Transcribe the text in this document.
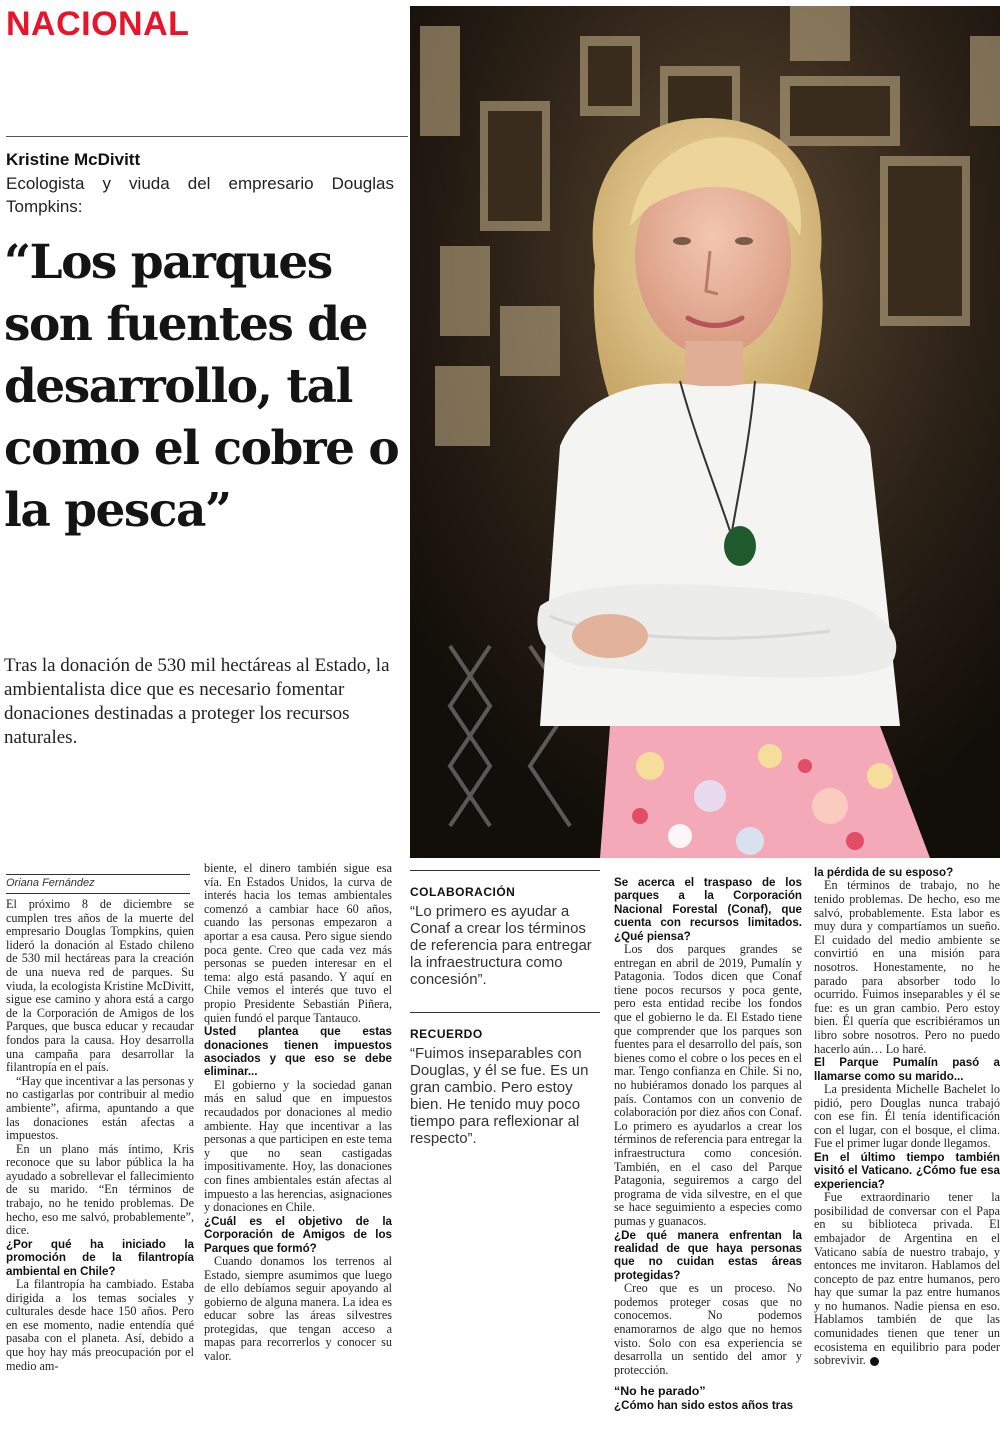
NACIONAL
Kristine McDivitt
Ecologista y viuda del empresario Douglas Tompkins:
“Los parques son fuentes de desarrollo, tal como el cobre o la pesca”
Tras la donación de 530 mil hectáreas al Estado, la ambientalista dice que es necesario fomentar donaciones destinadas a proteger los recursos naturales.
Oriana Fernández

El próximo 8 de diciembre se cumplen tres años de la muerte del empresario Douglas Tompkins, quien lideró la donación al Estado chileno de 530 mil hectáreas para la creación de una nueva red de parques. Su viuda, la ecologista Kristine McDivitt, sigue ese camino y ahora está a cargo de la Corporación de Amigos de los Parques, que busca educar y recaudar fondos para la causa. Hoy desarrolla una campaña para desarrollar la filantropía en el país.

“Hay que incentivar a las personas y no castigarlas por contribuir al medio ambiente”, afirma, apuntando a que las donaciones están afectas a impuestos.

En un plano más íntimo, Kris reconoce que su labor pública la ha ayudado a sobrellevar el fallecimiento de su marido. “En términos de trabajo, no he tenido problemas. De hecho, eso me salvó, probablemente”, dice.

¿Por qué ha iniciado la promoción de la filantropía ambiental en Chile?

La filantropía ha cambiado. Estaba dirigida a los temas sociales y culturales desde hace 150 años. Pero en ese momento, nadie entendía qué pasaba con el planeta. Así, debido a que hoy hay más preocupación por el medio am-

biente, el dinero también sigue esa vía. En Estados Unidos, la curva de interés hacia los temas ambientales comenzó a cambiar hace 60 años, cuando las personas empezaron a aportar a esa causa. Pero sigue siendo poca gente. Creo que cada vez más personas se pueden interesar en el tema: algo está pasando. Y aquí en Chile vemos el interés que tuvo el propio Presidente Sebastián Piñera, quien fundó el parque Tantauco.

Usted plantea que estas donaciones tienen impuestos asociados y que eso se debe eliminar...

El gobierno y la sociedad ganan más en salud que en impuestos recaudados por donaciones al medio ambiente. Hay que incentivar a las personas a que participen en este tema y que no sean castigadas impositivamente. Hoy, las donaciones con fines ambientales están afectas al impuesto a las herencias, asignaciones y donaciones en Chile.

¿Cuál es el objetivo de la Corporación de Amigos de los Parques que formó?

Cuando donamos los terrenos al Estado, siempre asumimos que luego de ello debíamos seguir apoyando al gobierno de alguna manera. La idea es educar sobre las áreas silvestres protegidas, que tengan acceso a mapas para recorrerlos y conocer su valor.

COLABORACIÓN
“Lo primero es ayudar a Conaf a crear los términos de referencia para entregar la infraestructura como concesión”.
RECUERDO
“Fuimos inseparables con Douglas, y él se fue. Es un gran cambio. Pero estoy bien. He tenido muy poco tiempo para reflexionar al respecto”.

Se acerca el traspaso de los parques a la Corporación Nacional Forestal (Conaf), que cuenta con recursos limitados. ¿Qué piensa?

Los dos parques grandes se entregan en abril de 2019, Pumalín y Patagonia. Todos dicen que Conaf tiene pocos recursos y poca gente, pero esta entidad recibe los fondos que el gobierno le da. El Estado tiene que comprender que los parques son fuentes para el desarrollo del país, son bienes como el cobre o los peces en el mar. Tengo confianza en Chile. Si no, no hubiéramos donado los parques al país. Contamos con un convenio de colaboración por diez años con Conaf. Lo primero es ayudarlos a crear los términos de referencia para entregar la infraestructura como concesión. También, en el caso del Parque Patagonia, seguiremos a cargo del programa de vida silvestre, en el que se hace seguimiento a especies como pumas y guanacos.

¿De qué manera enfrentan la realidad de que haya personas que no cuidan estas áreas protegidas?

Creo que es un proceso. No podemos proteger cosas que no conocemos. No podemos enamorarnos de algo que no hemos visto. Solo con esa experiencia se desarrolla un sentido del amor y protección.

“No he parado”

¿Cómo han sido estos años tras

la pérdida de su esposo?

En términos de trabajo, no he tenido problemas. De hecho, eso me salvó, probablemente. Esta labor es muy dura y compartíamos un sueño. El cuidado del medio ambiente se convirtió en una misión para nosotros. Honestamente, no he parado para absorber todo lo ocurrido. Fuimos inseparables y él se fue: es un gran cambio. Pero estoy bien. Él quería que escribiéramos un libro sobre nosotros. Pero no puedo hacerlo aún… Lo haré.

El Parque Pumalín pasó a llamarse como su marido...

La presidenta Michelle Bachelet lo pidió, pero Douglas nunca trabajó con ese fin. Él tenía identificación con el lugar, con el bosque, el clima. Fue el primer lugar donde llegamos.

En el último tiempo también visitó el Vaticano. ¿Cómo fue esa experiencia?

Fue extraordinario tener la posibilidad de conversar con el Papa en su biblioteca privada. El embajador de Argentina en el Vaticano sabía de nuestro trabajo, y entonces me invitaron. Hablamos del concepto de paz entre humanos, pero hay que sumar la paz entre humanos y no humanos. Nadie piensa en eso. Hablamos también de que las comunidades tienen que tener un ecosistema en equilibrio para poder sobrevivir.
